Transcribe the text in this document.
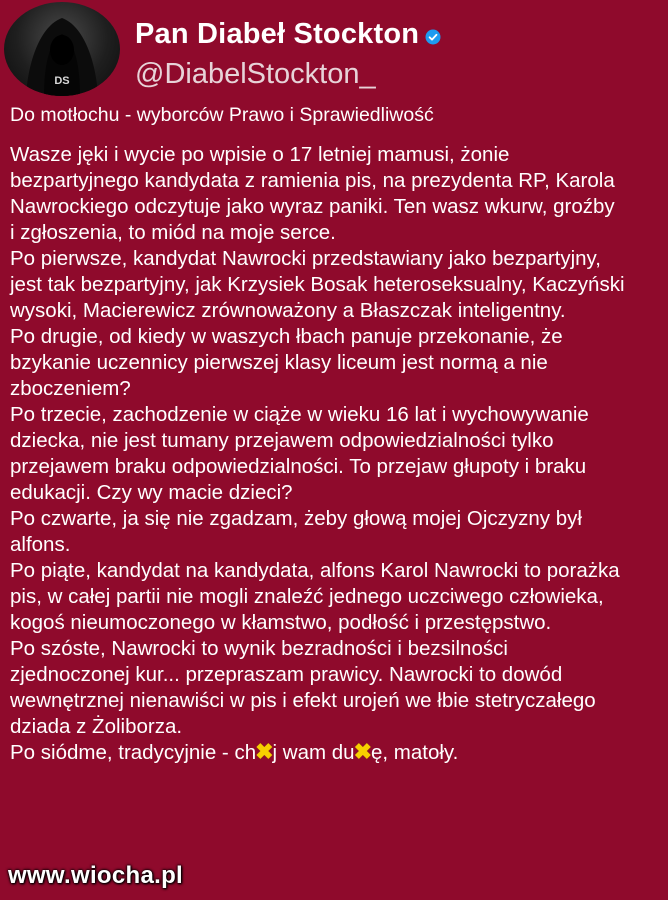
DS
Pan Diabeł Stockton
@DiabelStockton_
Do motłochu - wyborców Prawo i Sprawiedliwość
Wasze jęki i wycie po wpisie o 17 letniej mamusi, żonie
bezpartyjnego kandydata z ramienia pis, na prezydenta RP, Karola
Nawrockiego odczytuje jako wyraz paniki. Ten wasz wkurw, groźby
i zgłoszenia, to miód na moje serce.
Po pierwsze, kandydat Nawrocki przedstawiany jako bezpartyjny,
jest tak bezpartyjny, jak Krzysiek Bosak heteroseksualny, Kaczyński
wysoki, Macierewicz zrównoważony a Błaszczak inteligentny.
Po drugie, od kiedy w waszych łbach panuje przekonanie, że
bzykanie uczennicy pierwszej klasy liceum jest normą a nie
zboczeniem?
Po trzecie, zachodzenie w ciąże w wieku 16 lat i wychowywanie
dziecka, nie jest tumany przejawem odpowiedzialności tylko
przejawem braku odpowiedzialności. To przejaw głupoty i braku
edukacji. Czy wy macie dzieci?
Po czwarte, ja się nie zgadzam, żeby głową mojej Ojczyzny był
alfons.
Po piąte, kandydat na kandydata, alfons Karol Nawrocki to porażka
pis, w całej partii nie mogli znaleźć jednego uczciwego człowieka,
kogoś nieumoczonego w kłamstwo, podłość i przestępstwo.
Po szóste, Nawrocki to wynik bezradności i bezsilności
zjednoczonej kur... przepraszam prawicy. Nawrocki to dowód
wewnętrznej nienawiści w pis i efekt urojeń we łbie stetryczałego
dziada z Żoliborza.
Po siódme, tradycyjnie - ch✖j wam du✖ę, matoły.
www.wiocha.pl
